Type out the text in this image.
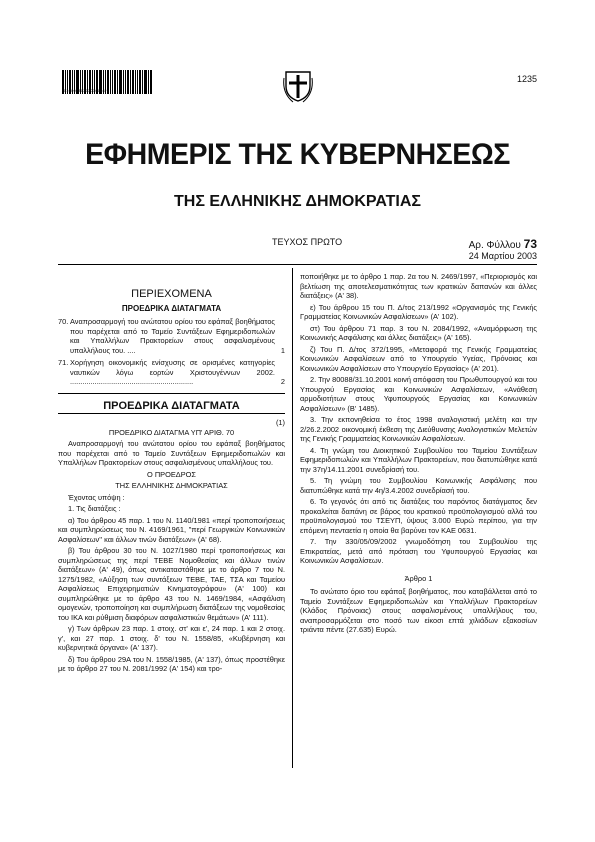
*01000730303030004*
1235
ΕΦΗΜΕΡΙΣ ΤΗΣ ΚΥΒΕΡΝΗΣΕΩΣ
ΤΗΣ ΕΛΛΗΝΙΚΗΣ ΔΗΜΟΚΡΑΤΙΑΣ
ΤΕΥΧΟΣ ΠΡΩΤΟ	Αρ. Φύλλου 73
24 Μαρτίου 2003
ΠΕΡΙΕΧΟΜΕΝΑ
ΠΡΟΕΔΡΙΚΑ ΔΙΑΤΑΓΜΑΤΑ
70. Αναπροσαρμογή του ανώτατου ορίου του εφάπαξ βοηθήματος που παρέχεται από το Ταμείο Συντάξεων Εφημεριδοπωλών και Υπαλλήλων Πρακτορείων στους ασφαλισμένους υπαλλήλους του. ....	1
71. Χορήγηση οικονομικής ενίσχυσης σε ορισμένες κατηγορίες ναυτικών λόγω εορτών Χριστουγέννων 2002. ............................................................	2
ΠΡΟΕΔΡΙΚΑ ΔΙΑΤΑΓΜΑΤΑ
(1)

ΠΡΟΕΔΡΙΚΟ ΔΙΑΤΑΓΜΑ ΥΠ' ΑΡΙΘ. 70

Αναπροσαρμογή του ανώτατου ορίου του εφάπαξ βοηθήματος που παρέχεται από το Ταμείο Συντάξεων Εφημεριδοπωλών και Υπαλλήλων Πρακτορείων στους ασφαλισμένους υπαλλήλους του.

Ο ΠΡΟΕΔΡΟΣ

ΤΗΣ ΕΛΛΗΝΙΚΗΣ ΔΗΜΟΚΡΑΤΙΑΣ

Έχοντας υπόψη :

1. Τις διατάξεις :

α) Του άρθρου 45 παρ. 1 του Ν. 1140/1981 «περί τροποποιήσεως και συμπληρώσεως του Ν. 4169/1961, ''περί Γεωργικών Κοινωνικών Ασφαλίσεων'' και άλλων τινών διατάξεων» (Α' 68).

β) Του άρθρου 30 του Ν. 1027/1980 περί τροποποιήσεως και συμπληρώσεως της περί ΤΕΒΕ Νομοθεσίας και άλλων τινών διατάξεων» (Α' 49), όπως αντικαταστάθηκε με το άρθρο 7 του Ν. 1275/1982, «Αύξηση των συντάξεων ΤΕΒΕ, ΤΑΕ, ΤΣΑ και Ταμείου Ασφαλίσεως Επιχειρηματιών Κινηματογράφου» (Α' 100) και συμπληρώθηκε με το άρθρο 43 του Ν. 1469/1984, «Ασφάλιση ομογενών, τροποποίηση και συμπλήρωση διατάξεων της νομοθεσίας του ΙΚΑ και ρύθμιση διαφόρων ασφαλιστικών θεμάτων» (Α' 111).

γ) Των άρθρων 23 παρ. 1 στοιχ. στ' και ε', 24 παρ. 1 και 2 στοιχ. γ', και 27 παρ. 1 στοιχ. δ' του Ν. 1558/85, «Κυβέρνηση και κυβερνητικά όργανα» (Α' 137).

δ) Του άρθρου 29Α του Ν. 1558/1985, (Α' 137), όπως προστέθηκε με το άρθρο 27 του Ν. 2081/1992 (Α' 154) και τρο-

ποποιήθηκε με το άρθρο 1 παρ. 2α του Ν. 2469/1997, «Περιορισμός και βελτίωση της αποτελεσματικότητας των κρατικών δαπανών και άλλες διατάξεις» (Α' 38).

ε) Του άρθρου 15 του Π. Δ/τος 213/1992 «Οργανισμός της Γενικής Γραμματείας Κοινωνικών Ασφαλίσεων» (Α' 102).

στ) Του άρθρου 71 παρ. 3 του Ν. 2084/1992, «Αναμόρφωση της Κοινωνικής Ασφάλισης και άλλες διατάξεις» (Α' 165).

ζ) Του Π. Δ/τος 372/1995, «Μεταφορά της Γενικής Γραμματείας Κοινωνικών Ασφαλίσεων από το Υπουργείο Υγείας, Πρόνοιας και Κοινωνικών Ασφαλίσεων στο Υπουργείο Εργασίας» (Α' 201).

2. Την 80088/31.10.2001 κοινή απόφαση του Πρωθυπουργού και του Υπουργού Εργασίας και Κοινωνικών Ασφαλίσεων, «Ανάθεση αρμοδιοτήτων στους Υφυπουργούς Εργασίας και Κοινωνικών Ασφαλίσεων» (Β' 1485).

3. Την εκπονηθείσα το έτος 1998 αναλογιστική μελέτη και την 2/26.2.2002 οικονομική έκθεση της Διεύθυνσης Αναλογιστικών Μελετών της Γενικής Γραμματείας Κοινωνικών Ασφαλίσεων.

4. Τη γνώμη του Διοικητικού Συμβουλίου του Ταμείου Συντάξεων Εφημεριδοπωλών και Υπαλλήλων Πρακτορείων, που διατυπώθηκε κατά την 37η/14.11.2001 συνεδρίασή του.

5. Τη γνώμη του Συμβουλίου Κοινωνικής Ασφάλισης που διατυπώθηκε κατά την 4η/3.4.2002 συνεδρίασή του.

6. Το γεγονός ότι από τις διατάξεις του παρόντος διατάγματος δεν προκαλείται δαπάνη σε βάρος του κρατικού προϋπολογισμού αλλά του προϋπολογισμού του ΤΣΕΥΠ, ύψους 3.000 Ευρώ περίπου, για την επόμενη πενταετία η οποία θα βαρύνει τον ΚΑΕ 0631.

7. Την 330/05/09/2002 γνωμοδότηση του Συμβουλίου της Επικρατείας, μετά από πρόταση του Υφυπουργού Εργασίας και Κοινωνικών Ασφαλίσεων.

Άρθρο 1

Το ανώτατο όριο του εφάπαξ βοηθήματος, που καταβάλλεται από το Ταμείο Συντάξεων Εφημεριδοπωλών και Υπαλλήλων Πρακτορείων (Κλάδος Πρόνοιας) στους ασφαλισμένους υπαλλήλους του, αναπροσαρμόζεται στο ποσό των είκοσι επτά χιλιάδων εξακοσίων τριάντα πέντε (27.635) Ευρώ.
